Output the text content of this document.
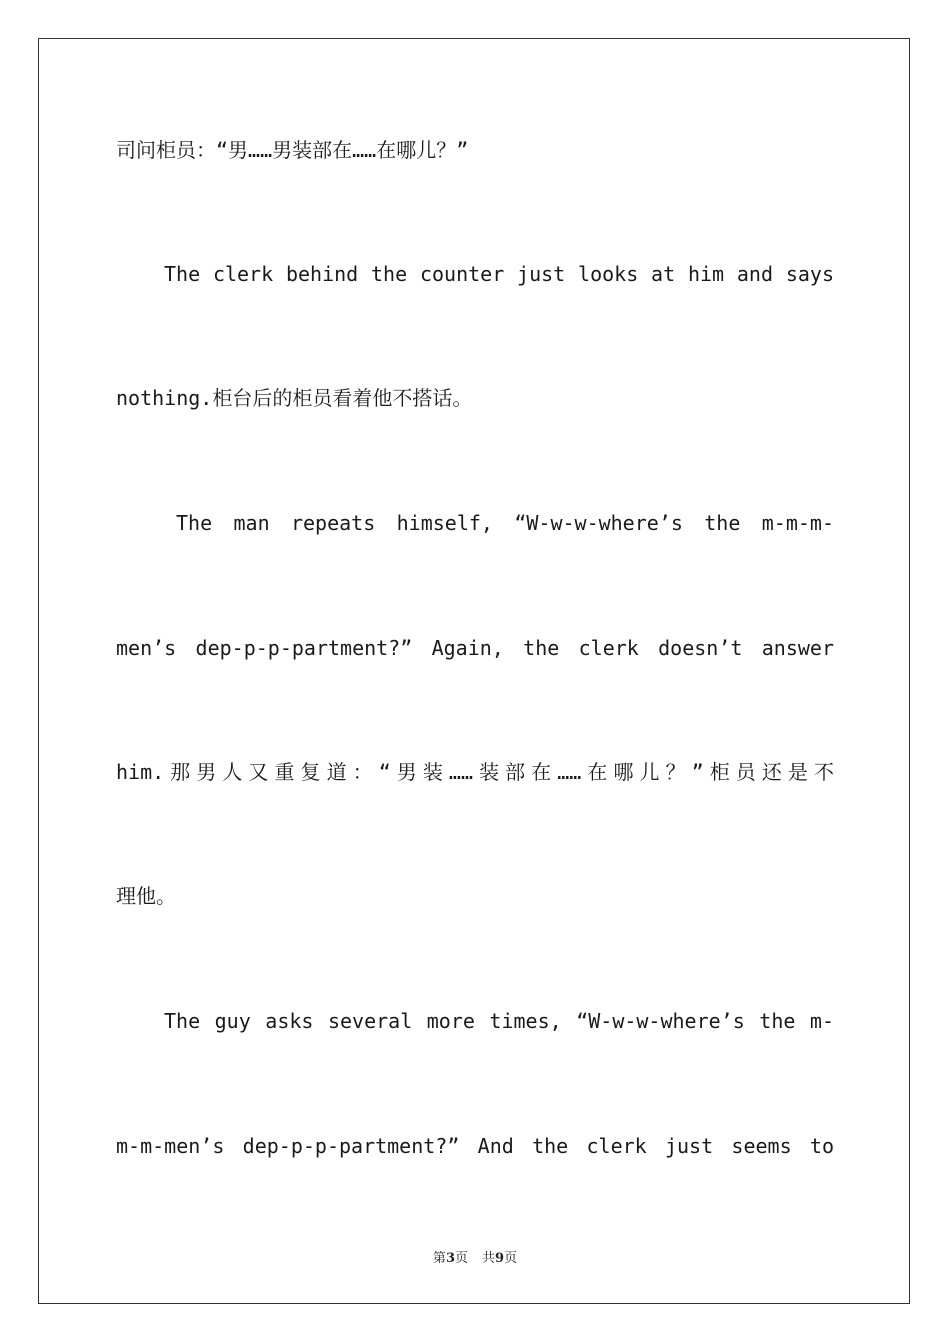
司问柜员：“男……男装部在……在哪儿？”
The clerk behind the counter just looks at him and says
nothing.柜台后的柜员看着他不搭话。
The man repeats himself, “W-w-w-where’s the m-m-m-
men’s dep-p-p-partment?” Again, the clerk doesn’t answer
him.那男人又重复道：“男装……装部在……在哪儿？”柜员还是不
理他。
The guy asks several more times, “W-w-w-where’s the m-
m-m-men’s dep-p-p-partment?” And the clerk just seems to
第3页 共9页
